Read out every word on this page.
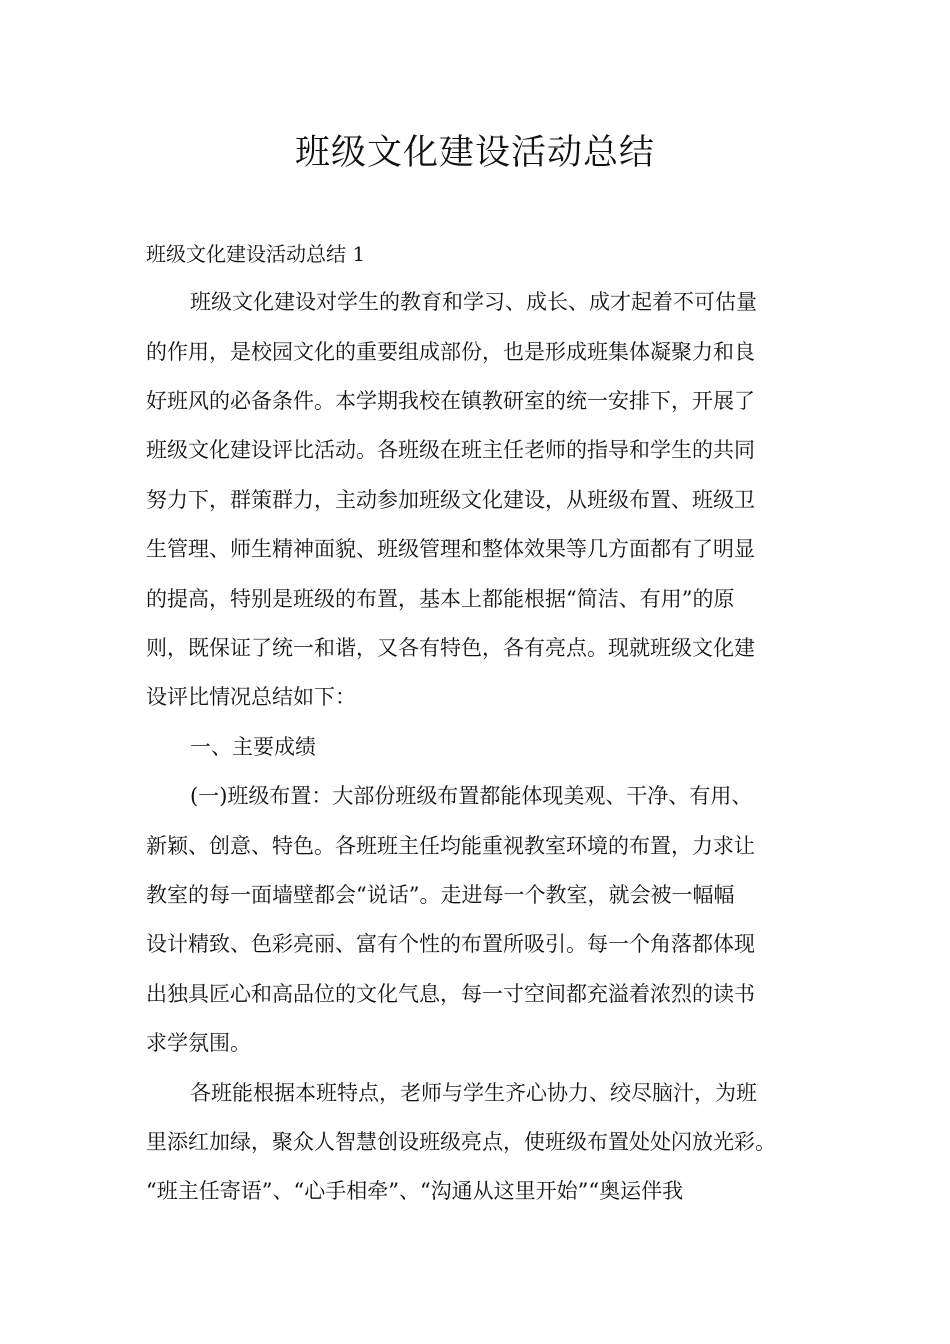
班级文化建设活动总结

班级文化建设活动总结 1

班级文化建设对学生的教育和学习、成长、成才起着不可估量

的作用，是校园文化的重要组成部份，也是形成班集体凝聚力和良

好班风的必备条件。本学期我校在镇教研室的统一安排下，开展了

班级文化建设评比活动。各班级在班主任老师的指导和学生的共同

努力下，群策群力，主动参加班级文化建设，从班级布置、班级卫

生管理、师生精神面貌、班级管理和整体效果等几方面都有了明显

的提高，特别是班级的布置，基本上都能根据“简洁、有用”的原

则，既保证了统一和谐，又各有特色，各有亮点。现就班级文化建

设评比情况总结如下：

一、主要成绩

(一)班级布置：大部份班级布置都能体现美观、干净、有用、

新颖、创意、特色。各班班主任均能重视教室环境的布置，力求让

教室的每一面墙壁都会“说话”。走进每一个教室，就会被一幅幅

设计精致、色彩亮丽、富有个性的布置所吸引。每一个角落都体现

出独具匠心和高品位的文化气息，每一寸空间都充溢着浓烈的读书

求学氛围。

各班能根据本班特点，老师与学生齐心协力、绞尽脑汁，为班

里添红加绿，聚众人智慧创设班级亮点，使班级布置处处闪放光彩。

“班主任寄语”、“心手相牵”、“沟通从这里开始”“奥运伴我
